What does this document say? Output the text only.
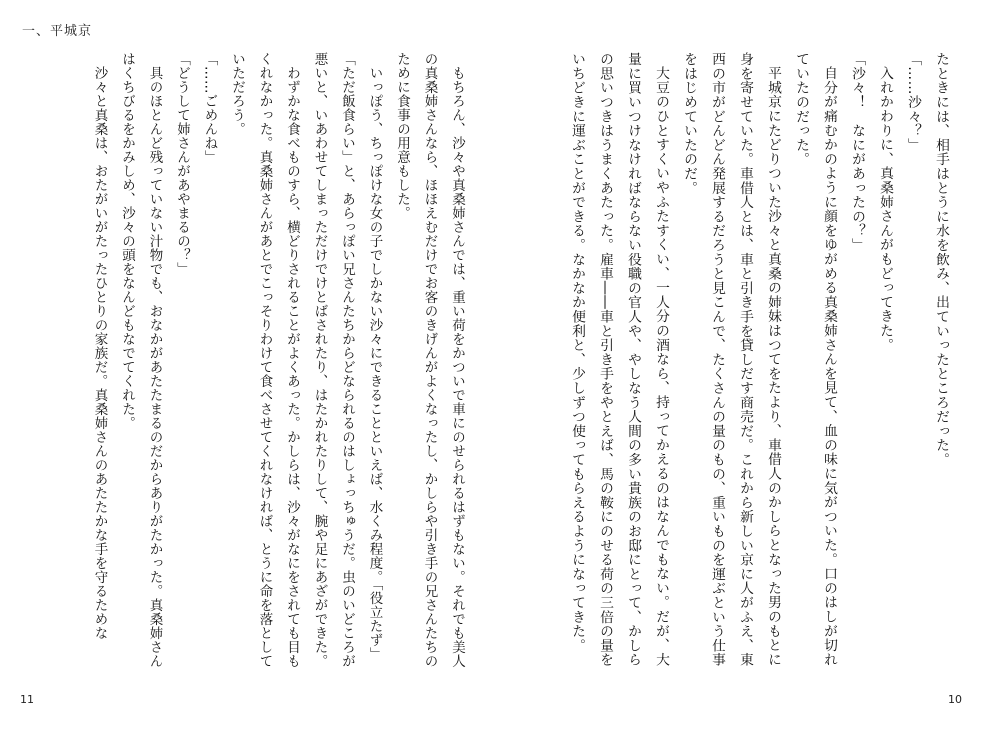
一、平城京

もちろん、沙々や真桑姉さんでは、重い荷をかついで車にのせられるはずもない。それでも美人の真桑姉さんなら、ほほえむだけでお客のきげんがよくなったし、かしらや引き手の兄さんたちのために食事の用意もした。

いっぽう、ちっぽけな女の子でしかない沙々にできることといえば、水くみ程度。「役立たず」「ただ飯食らい」と、あらっぽい兄さんたちからどなられるのはしょっちゅうだ。虫のいどころが悪いと、いあわせてしまっただけでけとばされたり、はたかれたりして、腕や足にあざができた。

わずかな食べものすら、横どりされることがよくあった。かしらは、沙々がなにをされても目もくれなかった。真桑姉さんがあとでこっそりわけて食べさせてくれなければ、とうに命を落としていただろう。

「……ごめんね」

「どうして姉さんがあやまるの？」

具のほとんど残っていない汁物でも、おなかがあたたまるのだからありがたかった。真桑姉さんはくちびるをかみしめ、沙々の頭をなんどもなでてくれた。

沙々と真桑は、おたがいがたったひとりの家族だ。真桑姉さんのあたたかな手を守るためな	たときには、相手はとうに水を飲み、出ていったところだった。

「……沙々？」

入れかわりに、真桑姉さんがもどってきた。

「沙々！　なにがあったの？」

自分が痛むかのように顔をゆがめる真桑姉さんを見て、血の味に気がついた。口のはしが切れていたのだった。

平城京にたどりついた沙々と真桑の姉妹はつてをたより、車借人のかしらとなった男のもとに身を寄せていた。車借人とは、車と引き手を貸しだす商売だ。これから新しい京に人がふえ、東西の市がどんどん発展するだろうと見こんで、たくさんの量のもの、重いものを運ぶという仕事をはじめていたのだ。

大豆のひとすくいやふたすくい、一人分の酒なら、持ってかえるのはなんでもない。だが、大量に買いつけなければならない役職の官人や、やしなう人間の多い貴族のお邸にとって、かしらの思いつきはうまくあたった。雇車――車と引き手をやとえば、馬の鞍にのせる荷の三倍の量をいちどきに運ぶことができる。なかなか便利と、少しずつ使ってもらえるようになってきた。

11	10
